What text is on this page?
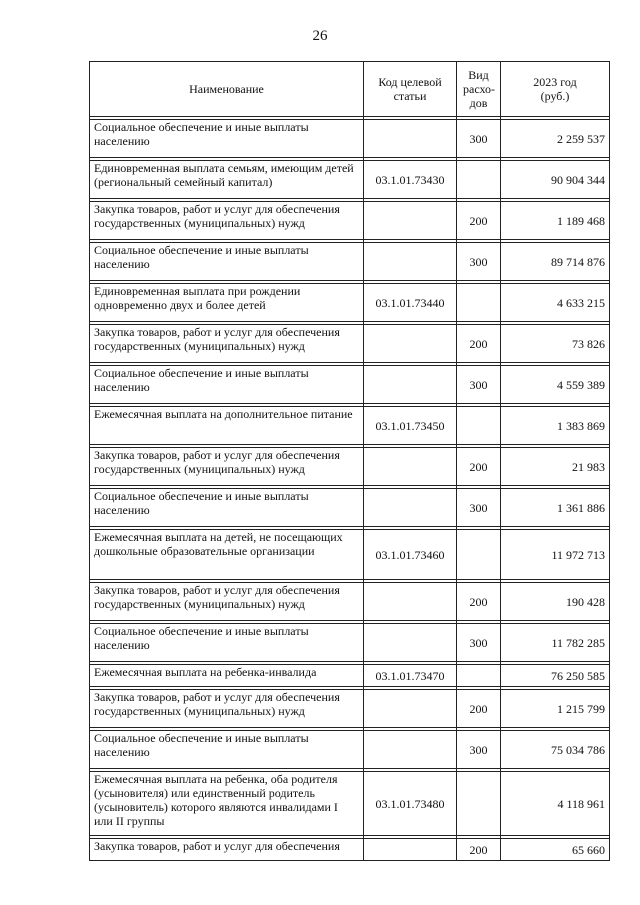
26
Наименование	Код целевой статьи	Вид расхо-дов	2023 год (руб.)

Социальное обеспечение и иные выплаты населению		300	2 259 537

Единовременная выплата семьям, имеющим детей (региональный семейный капитал)	03.1.01.73430		90 904 344

Закупка товаров, работ и услуг для обеспечения государственных (муниципальных) нужд		200	1 189 468

Социальное обеспечение и иные выплаты населению		300	89 714 876

Единовременная выплата при рождении одновременно двух и более детей	03.1.01.73440		4 633 215

Закупка товаров, работ и услуг для обеспечения государственных (муниципальных) нужд		200	73 826

Социальное обеспечение и иные выплаты населению		300	4 559 389

Ежемесячная выплата на дополнительное питание	03.1.01.73450		1 383 869

Закупка товаров, работ и услуг для обеспечения государственных (муниципальных) нужд		200	21 983

Социальное обеспечение и иные выплаты населению		300	1 361 886

Ежемесячная выплата на детей, не посещающих дошкольные образовательные организации	03.1.01.73460		11 972 713

Закупка товаров, работ и услуг для обеспечения государственных (муниципальных) нужд		200	190 428

Социальное обеспечение и иные выплаты населению		300	11 782 285

Ежемесячная выплата на ребенка-инвалида	03.1.01.73470		76 250 585

Закупка товаров, работ и услуг для обеспечения государственных (муниципальных) нужд		200	1 215 799

Социальное обеспечение и иные выплаты населению		300	75 034 786

Ежемесячная выплата на ребенка, оба родителя (усыновителя) или единственный родитель (усыновитель) которого являются инвалидами I или II группы	03.1.01.73480		4 118 961

Закупка товаров, работ и услуг для обеспечения		200	65 660
